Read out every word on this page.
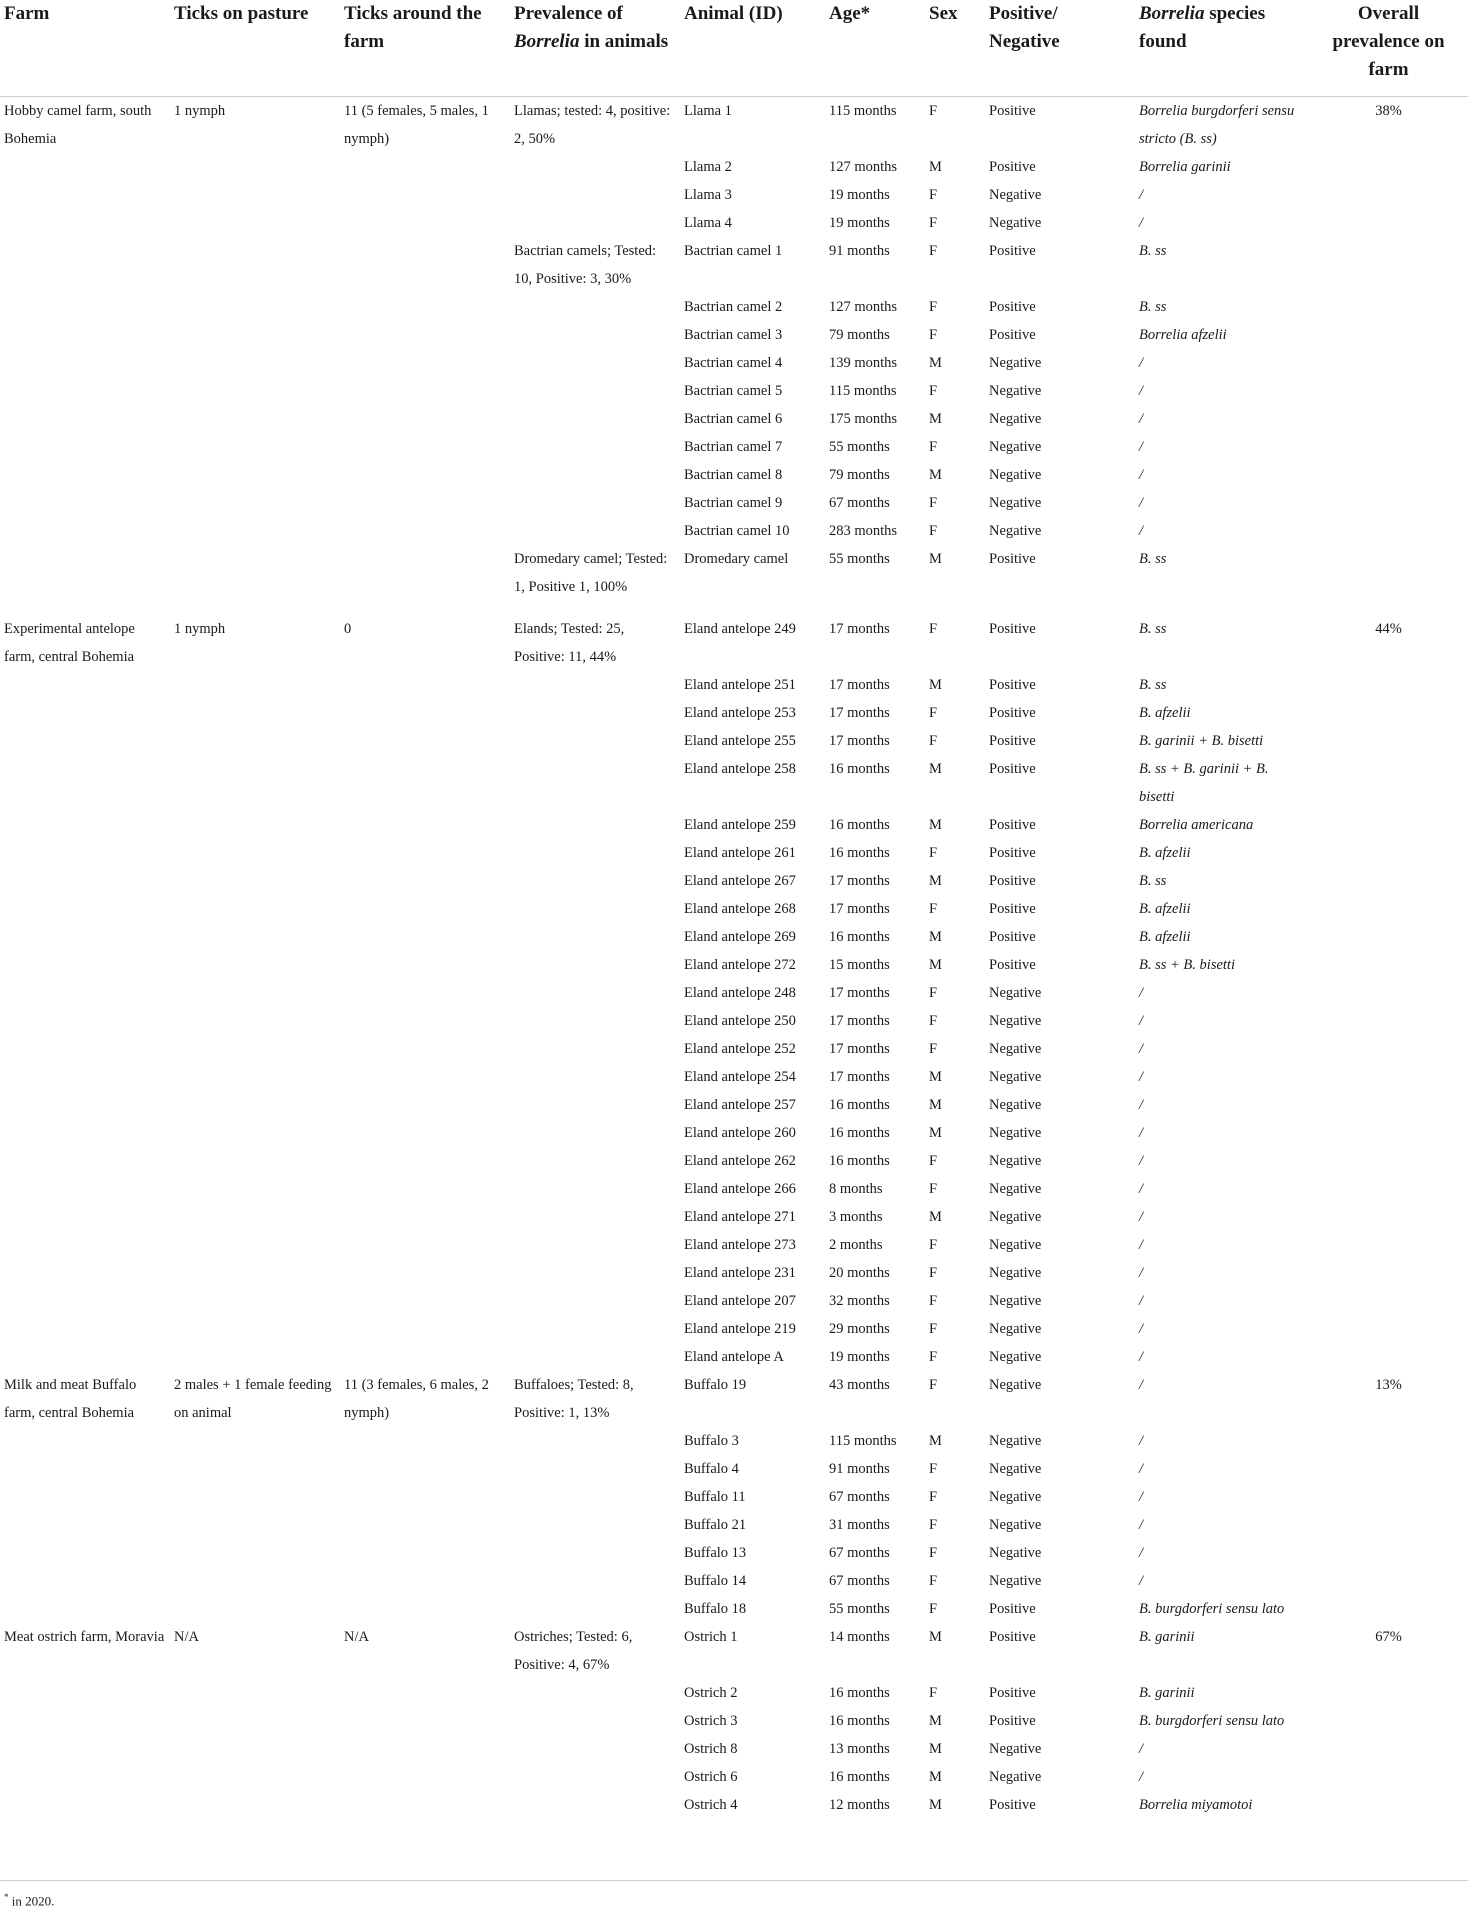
Farm	Ticks on pasture	Ticks around the farm	Prevalence of Borrelia in animals	Animal (ID)	Age*	Sex	Positive/ Negative	Borrelia species found	Overall prevalence on farm
Hobby camel farm, south Bohemia	1 nymph	11 (5 females, 5 males, 1 nymph)	Llamas; tested: 4, positive: 2, 50%	Llama 1	115 months	F	Positive	Borrelia burgdorferi sensu stricto (B. ss)	38%
				Llama 2	127 months	M	Positive	Borrelia garinii	
				Llama 3	19 months	F	Negative	/	
				Llama 4	19 months	F	Negative	/	
			Bactrian camels; Tested: 10, Positive: 3, 30%	Bactrian camel 1	91 months	F	Positive	B. ss	
				Bactrian camel 2	127 months	F	Positive	B. ss	
				Bactrian camel 3	79 months	F	Positive	Borrelia afzelii	
				Bactrian camel 4	139 months	M	Negative	/	
				Bactrian camel 5	115 months	F	Negative	/	
				Bactrian camel 6	175 months	M	Negative	/	
				Bactrian camel 7	55 months	F	Negative	/	
				Bactrian camel 8	79 months	M	Negative	/	
				Bactrian camel 9	67 months	F	Negative	/	
				Bactrian camel 10	283 months	F	Negative	/	
			Dromedary camel; Tested: 1, Positive 1, 100%	Dromedary camel	55 months	M	Positive	B. ss	
Experimental antelope farm, central Bohemia	1 nymph	0	Elands; Tested: 25, Positive: 11, 44%	Eland antelope 249	17 months	F	Positive	B. ss	44%
				Eland antelope 251	17 months	M	Positive	B. ss	
				Eland antelope 253	17 months	F	Positive	B. afzelii	
				Eland antelope 255	17 months	F	Positive	B. garinii + B. bisetti	
				Eland antelope 258	16 months	M	Positive	B. ss + B. garinii + B. bisetti	
				Eland antelope 259	16 months	M	Positive	Borrelia americana	
				Eland antelope 261	16 months	F	Positive	B. afzelii	
				Eland antelope 267	17 months	M	Positive	B. ss	
				Eland antelope 268	17 months	F	Positive	B. afzelii	
				Eland antelope 269	16 months	M	Positive	B. afzelii	
				Eland antelope 272	15 months	M	Positive	B. ss + B. bisetti	
				Eland antelope 248	17 months	F	Negative	/	
				Eland antelope 250	17 months	F	Negative	/	
				Eland antelope 252	17 months	F	Negative	/	
				Eland antelope 254	17 months	M	Negative	/	
				Eland antelope 257	16 months	M	Negative	/	
				Eland antelope 260	16 months	M	Negative	/	
				Eland antelope 262	16 months	F	Negative	/	
				Eland antelope 266	8 months	F	Negative	/	
				Eland antelope 271	3 months	M	Negative	/	
				Eland antelope 273	2 months	F	Negative	/	
				Eland antelope 231	20 months	F	Negative	/	
				Eland antelope 207	32 months	F	Negative	/	
				Eland antelope 219	29 months	F	Negative	/	
				Eland antelope A	19 months	F	Negative	/	
Milk and meat Buffalo farm, central Bohemia	2 males + 1 female feeding on animal	11 (3 females, 6 males, 2 nymph)	Buffaloes; Tested: 8, Positive: 1, 13%	Buffalo 19	43 months	F	Negative	/	13%
				Buffalo 3	115 months	M	Negative	/	
				Buffalo 4	91 months	F	Negative	/	
				Buffalo 11	67 months	F	Negative	/	
				Buffalo 21	31 months	F	Negative	/	
				Buffalo 13	67 months	F	Negative	/	
				Buffalo 14	67 months	F	Negative	/	
				Buffalo 18	55 months	F	Positive	B. burgdorferi sensu lato	
Meat ostrich farm, Moravia	N/A	N/A	Ostriches; Tested: 6, Positive: 4, 67%	Ostrich 1	14 months	M	Positive	B. garinii	67%
				Ostrich 2	16 months	F	Positive	B. garinii	
				Ostrich 3	16 months	M	Positive	B. burgdorferi sensu lato	
				Ostrich 8	13 months	M	Negative	/	
				Ostrich 6	16 months	M	Negative	/	
				Ostrich 4	12 months	M	Positive	Borrelia miyamotoi	
* in 2020.
